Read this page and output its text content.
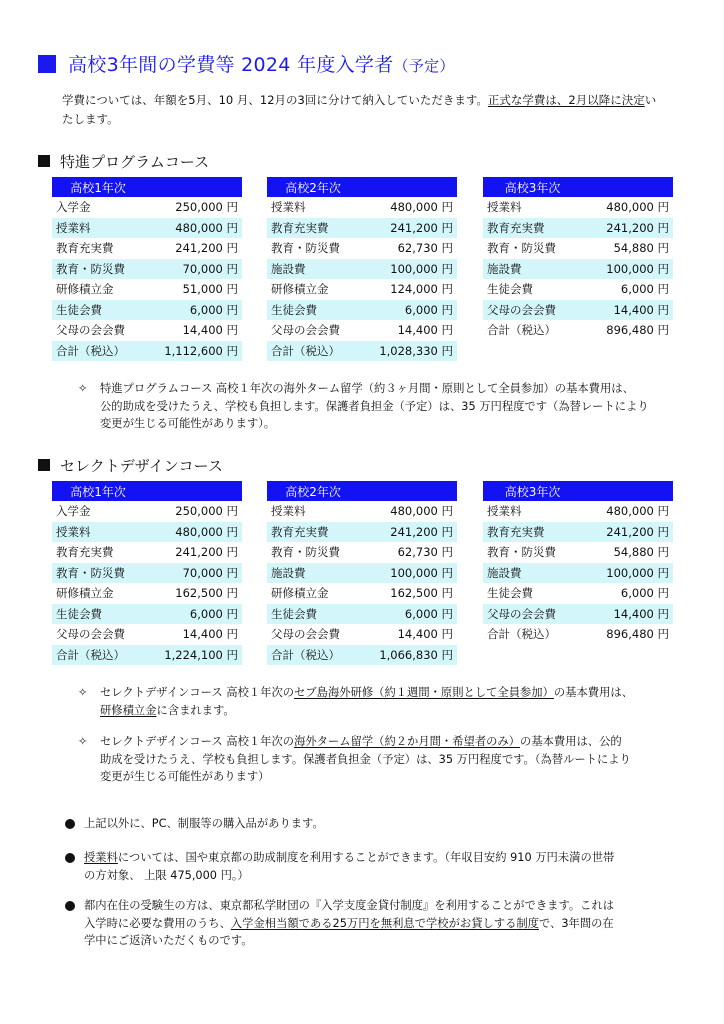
高校3年間の学費等 2024 年度入学者（予定）
学費については、年額を5月、10 月、12月の3回に分けて納入していただきます。正式な学費は、2月以降に決定いたします。
特進プログラムコース
高校1年次	
入学金	250,000 円
授業料	480,000 円
教育充実費	241,200 円
教育・防災費	70,000 円
研修積立金	51,000 円
生徒会費	6,000 円
父母の会会費	14,400 円
合計（税込）	1,112,600 円
高校2年次	
授業料	480,000 円
教育充実費	241,200 円
教育・防災費	62,730 円
施設費	100,000 円
研修積立金	124,000 円
生徒会費	6,000 円
父母の会会費	14,400 円
合計（税込）	1,028,330 円
高校3年次	
授業料	480,000 円
教育充実費	241,200 円
教育・防災費	54,880 円
施設費	100,000 円
生徒会費	6,000 円
父母の会会費	14,400 円
合計（税込）	896,480 円
✧ 特進プログラムコース 高校１年次の海外ターム留学（約３ヶ月間・原則として全員参加）の基本費用は、
公的助成を受けたうえ、学校も負担します。保護者負担金（予定）は、35 万円程度です（為替レートにより
変更が生じる可能性があります）。
セレクトデザインコース
高校1年次	
入学金	250,000 円
授業料	480,000 円
教育充実費	241,200 円
教育・防災費	70,000 円
研修積立金	162,500 円
生徒会費	6,000 円
父母の会会費	14,400 円
合計（税込）	1,224,100 円
高校2年次	
授業料	480,000 円
教育充実費	241,200 円
教育・防災費	62,730 円
施設費	100,000 円
研修積立金	162,500 円
生徒会費	6,000 円
父母の会会費	14,400 円
合計（税込）	1,066,830 円
高校3年次	
授業料	480,000 円
教育充実費	241,200 円
教育・防災費	54,880 円
施設費	100,000 円
生徒会費	6,000 円
父母の会会費	14,400 円
合計（税込）	896,480 円
✧ セレクトデザインコース 高校１年次のセブ島海外研修（約１週間・原則として全員参加）の基本費用は、
研修積立金に含まれます。
✧ セレクトデザインコース 高校１年次の海外ターム留学（約２か月間・希望者のみ）の基本費用は、公的
助成を受けたうえ、学校も負担します。保護者負担金（予定）は、35 万円程度です。（為替ルートにより
変更が生じる可能性があります）
上記以外に、PC、制服等の購入品があります。
授業料については、国や東京都の助成制度を利用することができます。（年収目安約 910 万円未満の世帯
の方対象、 上限 475,000 円。）
都内在住の受験生の方は、東京都私学財団の『入学支度金貸付制度』を利用することができます。これは
入学時に必要な費用のうち、入学金相当額である25万円を無利息で学校がお貸しする制度で、3年間の在
学中にご返済いただくものです。
